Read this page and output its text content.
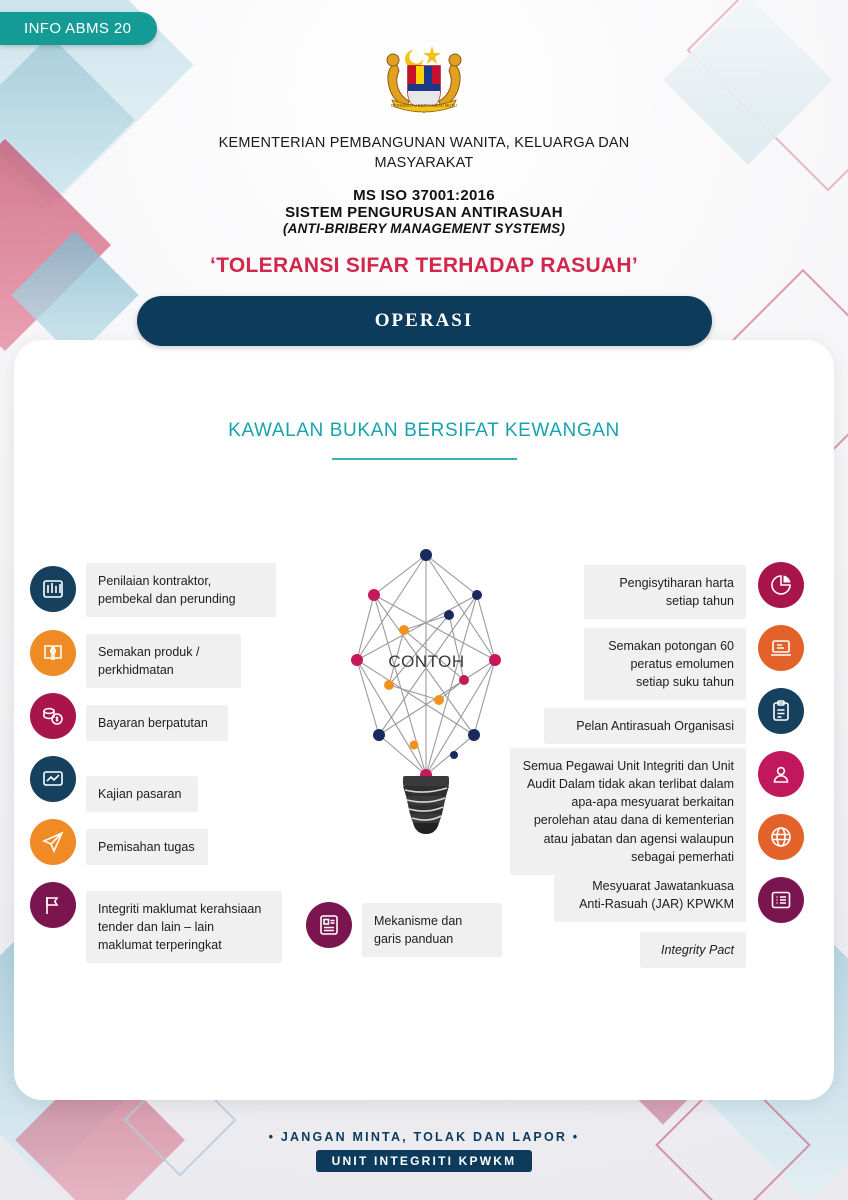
INFO ABMS 20
BERSEKUTU BERTAMBAH MUTU
KEMENTERIAN PEMBANGUNAN WANITA, KELUARGA DAN MASYARAKAT
MS ISO 37001:2016
SISTEM PENGURUSAN ANTIRASUAH
(ANTI-BRIBERY MANAGEMENT SYSTEMS)
‘TOLERANSI SIFAR TERHADAP RASUAH’
OPERASI
KAWALAN BUKAN BERSIFAT KEWANGAN
CONTOH
Penilaian kontraktor, pembekal dan perunding
Semakan produk / perkhidmatan
Bayaran berpatutan
Kajian pasaran
Pemisahan tugas
Integriti maklumat kerahsiaan tender dan lain – lain maklumat terperingkat
Mekanisme dan garis panduan
Pengisytiharan harta setiap tahun
Semakan potongan 60 peratus emolumen setiap suku tahun
Pelan Antirasuah Organisasi
Semua Pegawai Unit Integriti dan Unit Audit Dalam tidak akan terlibat dalam apa-apa mesyuarat berkaitan perolehan atau dana di kementerian atau jabatan dan agensi walaupun sebagai pemerhati
Mesyuarat Jawatankuasa Anti-Rasuah (JAR) KPWKM
Integrity Pact
• JANGAN MINTA, TOLAK DAN LAPOR •
UNIT INTEGRITI KPWKM
